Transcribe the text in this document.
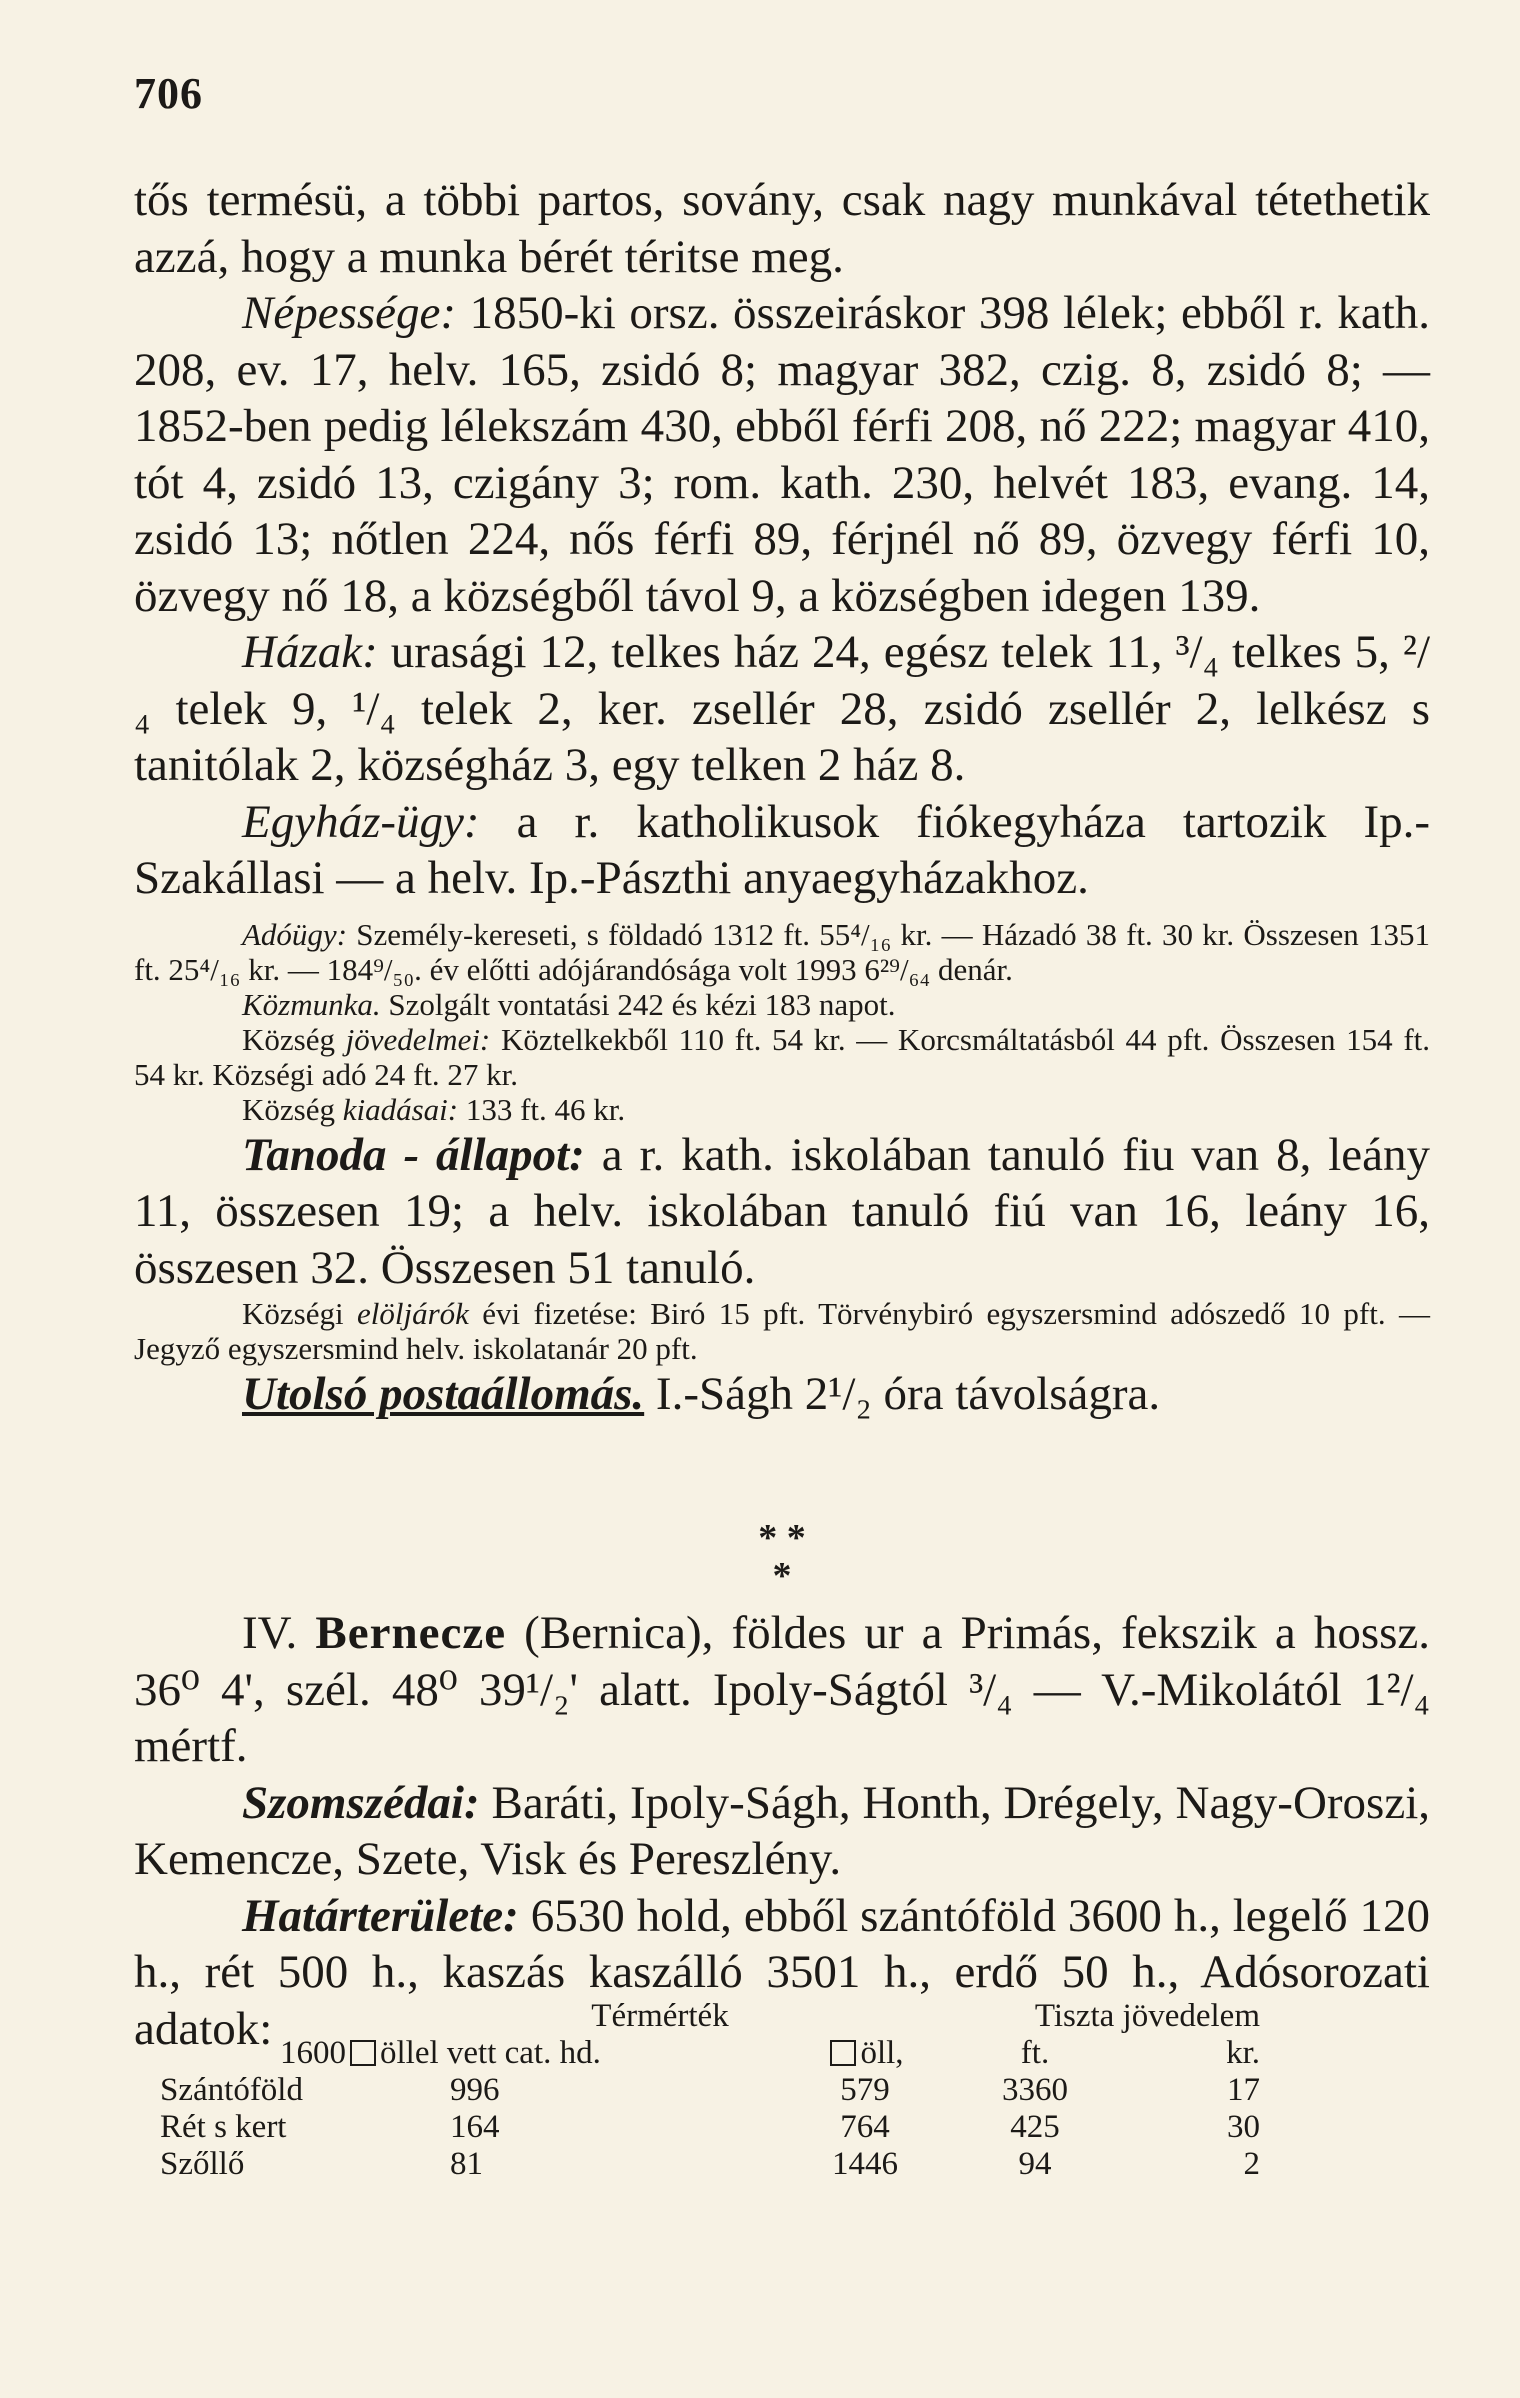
706

tős termésü, a többi partos, sovány, csak nagy munkával tétethetik azzá, hogy a munka bérét téritse meg.

Népessége: 1850-ki orsz. összeiráskor 398 lélek; ebből r. kath. 208, ev. 17, helv. 165, zsidó 8; magyar 382, czig. 8, zsidó 8; — 1852-ben pedig lélekszám 430, ebből férfi 208, nő 222; magyar 410, tót 4, zsidó 13, czigány 3; rom. kath. 230, helvét 183, evang. 14, zsidó 13; nőtlen 224, nős férfi 89, férjnél nő 89, özvegy férfi 10, özvegy nő 18, a községből távol 9, a községben idegen 139.

Házak: urasági 12, telkes ház 24, egész telek 11, ³/₄ telkes 5, ²/₄ telek 9, ¹/₄ telek 2, ker. zsellér 28, zsidó zsellér 2, lelkész s tanitólak 2, községház 3, egy telken 2 ház 8.

Egyház-ügy: a r. katholikusok fiókegyháza tartozik Ip.-Szakállasi — a helv. Ip.-Pászthi anyaegyházakhoz.

Adóügy: Személy-kereseti, s földadó 1312 ft. 55⁴/₁₆ kr. — Házadó 38 ft. 30 kr. Összesen 1351 ft. 25⁴/₁₆ kr. — 184⁹/₅₀. év előtti adójárandósága volt 1993 6²⁹/₆₄ denár.

Közmunka. Szolgált vontatási 242 és kézi 183 napot.

Község jövedelmei: Köztelkekből 110 ft. 54 kr. — Korcsmáltatásból 44 pft. Összesen 154 ft. 54 kr. Községi adó 24 ft. 27 kr.

Község kiadásai: 133 ft. 46 kr.

Tanoda - állapot: a r. kath. iskolában tanuló fiu van 8, leány 11, összesen 19; a helv. iskolában tanuló fiú van 16, leány 16, összesen 32. Összesen 51 tanuló.

Községi elöljárók évi fizetése: Biró 15 pft. Törvénybiró egyszersmind adószedő 10 pft. — Jegyző egyszersmind helv. iskolatanár 20 pft.

Utolsó postaállomás. I.-Ságh 2¹/₂ óra távolságra.

* *
*

IV. Bernecze (Bernica), földes ur a Primás, fekszik a hossz. 36⁰ 4', szél. 48⁰ 39¹/₂' alatt. Ipoly-Ságtól ³/₄ — V.-Mikolától 1²/₄ mértf.

Szomszédai: Baráti, Ipoly-Ságh, Honth, Drégely, Nagy-Oroszi, Kemencze, Szete, Visk és Pereszlény.

Határterülete: 6530 hold, ebből szántóföld 3600 h., legelő 120 h., rét 500 h., kaszás kaszálló 3501 h., erdő 50 h., Adósorozati adatok:

		Térmérték		Tiszta jövedelem	
1600	öllel vett cat. hd.	öll,	ft.	kr.
Szántóföld	996	579	3360	17
Rét s kert	164	764	425	30
Szőllő	81	1446	94	2
